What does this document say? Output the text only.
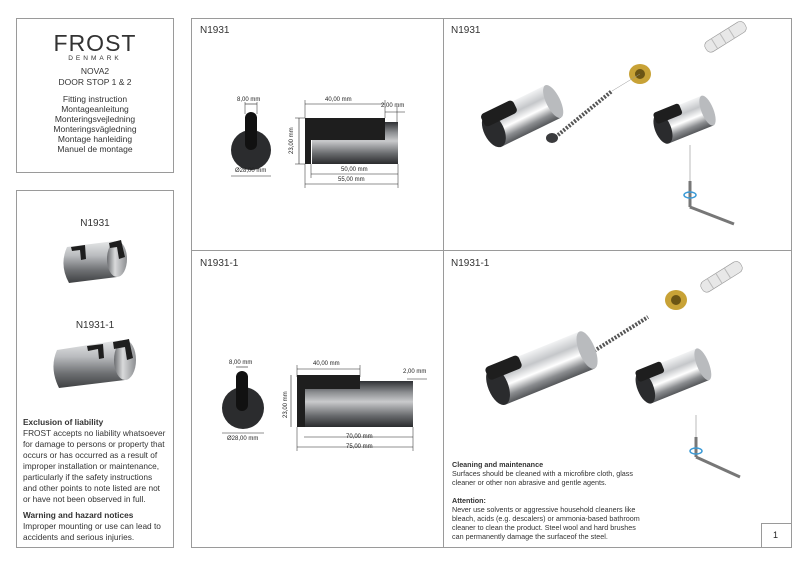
FROST
DENMARK
NOVA2
DOOR STOP 1 & 2
Fitting instruction
Montageanleitung
Monteringsvejledning
Monteringsvägledning
Montage hanleiding
Manuel de montage
N1931
N1931-1
Exclusion of liability
FROST accepts no liability whatsoever
for damage to persons or property that
occurs or has occurred as a result of
improper installation or maintenance,
particularly if the safety instructions
and other points to note listed are not
or have not been observed in full.
Warning and hazard notices
Improper mounting or use can lead to
accidents and serious injuries.	1
N1931	N1931
N1931-1	N1931-1
8,00 mm
Ø28,00 mm
40,00 mm
2,00 mm
23,00 mm
50,00 mm
55,00 mm
8,00 mm
Ø28,00 mm
40,00 mm
2,00 mm
23,00 mm
70,00 mm
75,00 mm
Cleaning and maintenance
Surfaces should be cleaned with a microfibre cloth, glass
cleaner or other non abrasive and gentle agents.
Attention:
Never use solvents or aggressive household cleaners like
bleach, acids (e.g. descalers) or ammonia-based bathroom
cleaner to clean the product. Steel wool and hard brushes
can permanently damage the surfaceof the steel.
